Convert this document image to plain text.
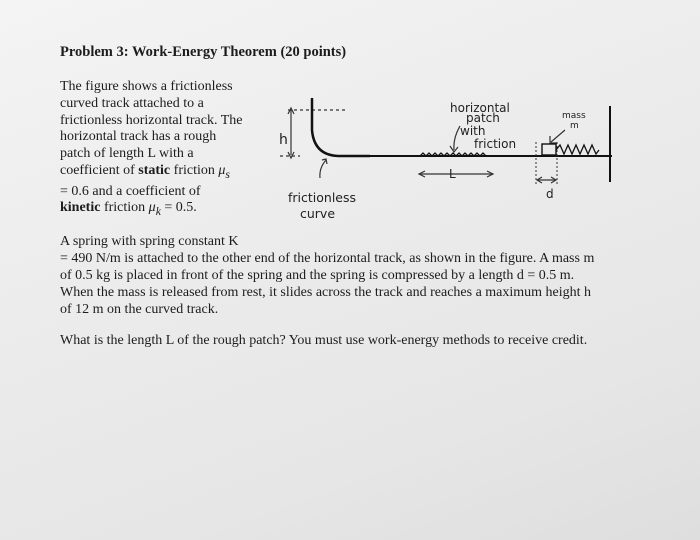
Problem 3: Work-Energy Theorem (20 points)
The figure shows a frictionless
curved track attached to a
frictionless horizontal track. The
horizontal track has a rough
patch of length L with a
coefficient of static friction $\mu_s$
= 0.6 and a coefficient of
kinetic friction $\mu_k = 0.5$.
h
frictionless
curve
L
horizontal
patch
with
friction
mass
m
d
A spring with spring constant K
= 490 N/m is attached to the other end of the horizontal track, as shown in the figure. A mass m
of 0.5 kg is placed in front of the spring and the spring is compressed by a length d = 0.5 m.
When the mass is released from rest, it slides across the track and reaches a maximum height h
of 12 m on the curved track.
What is the length L of the rough patch? You must use work-energy methods to receive credit.
